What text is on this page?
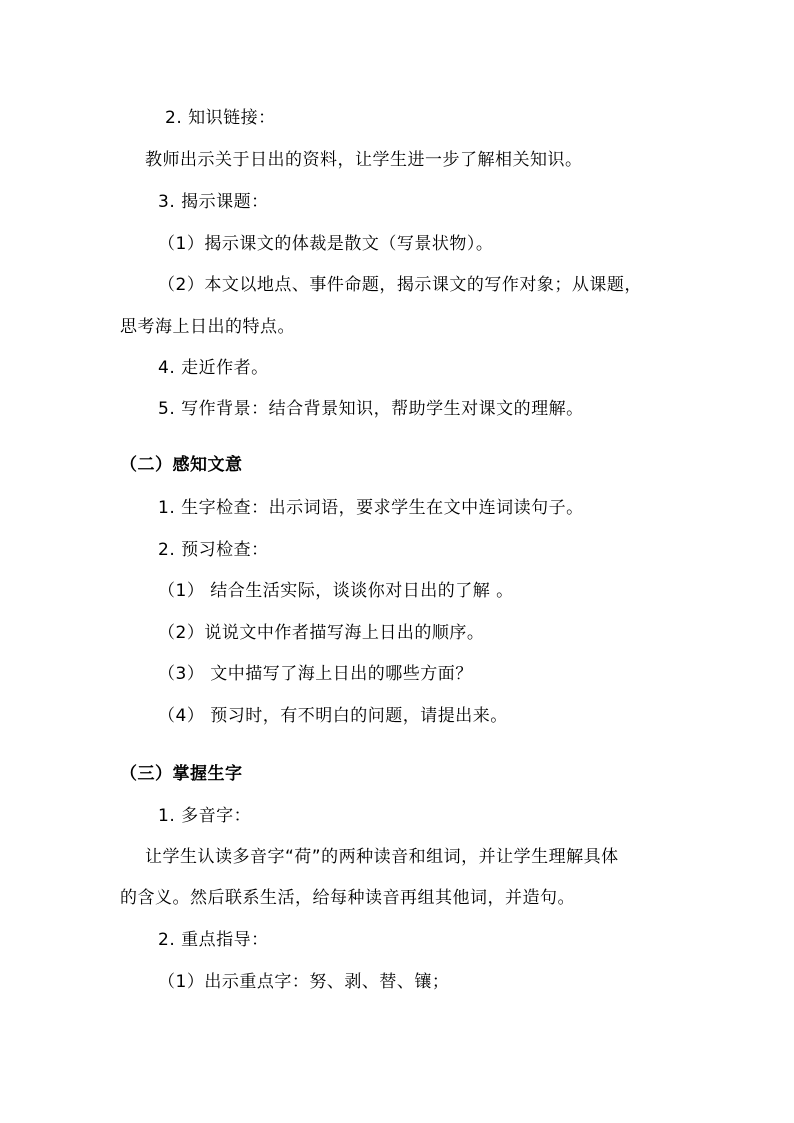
2. 知识链接：
教师出示关于日出的资料，让学生进一步了解相关知识。
3. 揭示课题：
（1）揭示课文的体裁是散文（写景状物）。
（2）本文以地点、事件命题，揭示课文的写作对象；从课题，
思考海上日出的特点。
4. 走近作者。
5. 写作背景：结合背景知识，帮助学生对课文的理解。
（二）感知文意
1. 生字检查：出示词语，要求学生在文中连词读句子。
2. 预习检查：
（1） 结合生活实际，谈谈你对日出的了解 。
（2）说说文中作者描写海上日出的顺序。
（3） 文中描写了海上日出的哪些方面？
（4） 预习时，有不明白的问题，请提出来。
（三）掌握生字
1. 多音字：
让学生认读多音字“荷”的两种读音和组词，并让学生理解具体
的含义。然后联系生活，给每种读音再组其他词，并造句。
2. 重点指导：
（1）出示重点字：努、剥、替、镶；
